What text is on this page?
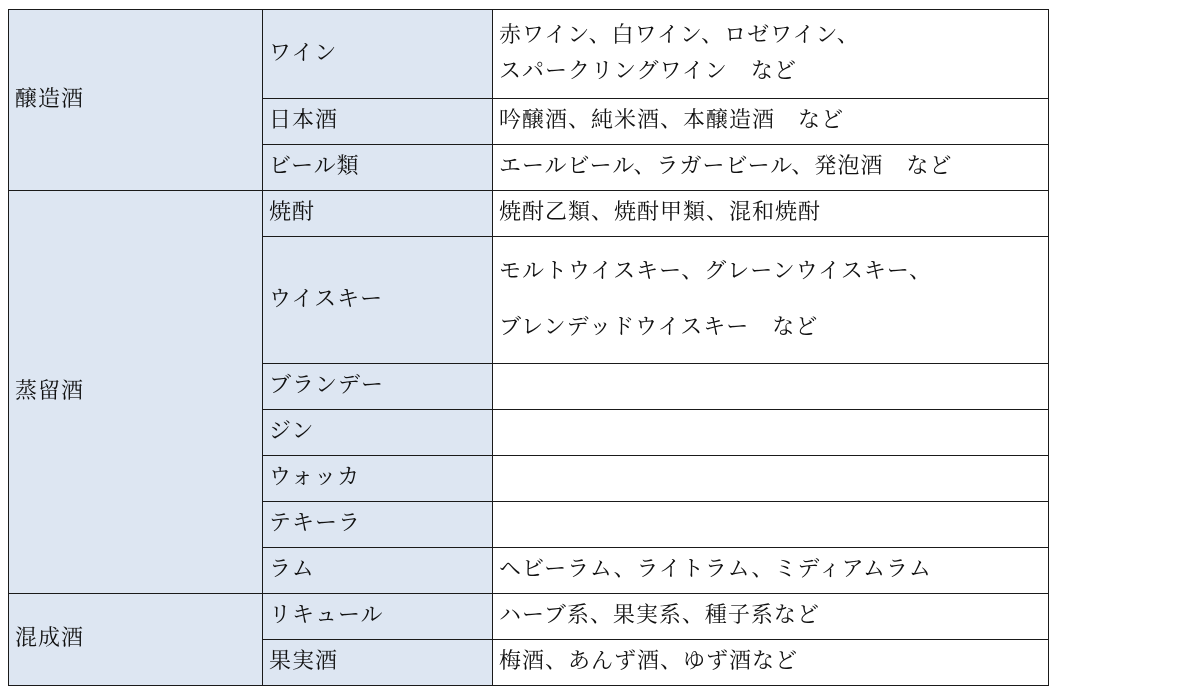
醸造酒	ワイン	赤ワイン、白ワイン、ロゼワイン、
スパークリングワイン　など

	日本酒	吟醸酒、純米酒、本醸造酒　など
	ビール類	エールビール、ラガービール、発泡酒　など
蒸留酒	焼酎	焼酎乙類、焼酎甲類、混和焼酎
	ウイスキー	モルトウイスキー、グレーンウイスキー、
ブレンデッドウイスキー　など

	ブランデー	
	ジン	
	ウォッカ	
	テキーラ	
	ラム	ヘビーラム、ライトラム、ミディアムラム
混成酒	リキュール	ハーブ系、果実系、種子系など
	果実酒	梅酒、あんず酒、ゆず酒など
